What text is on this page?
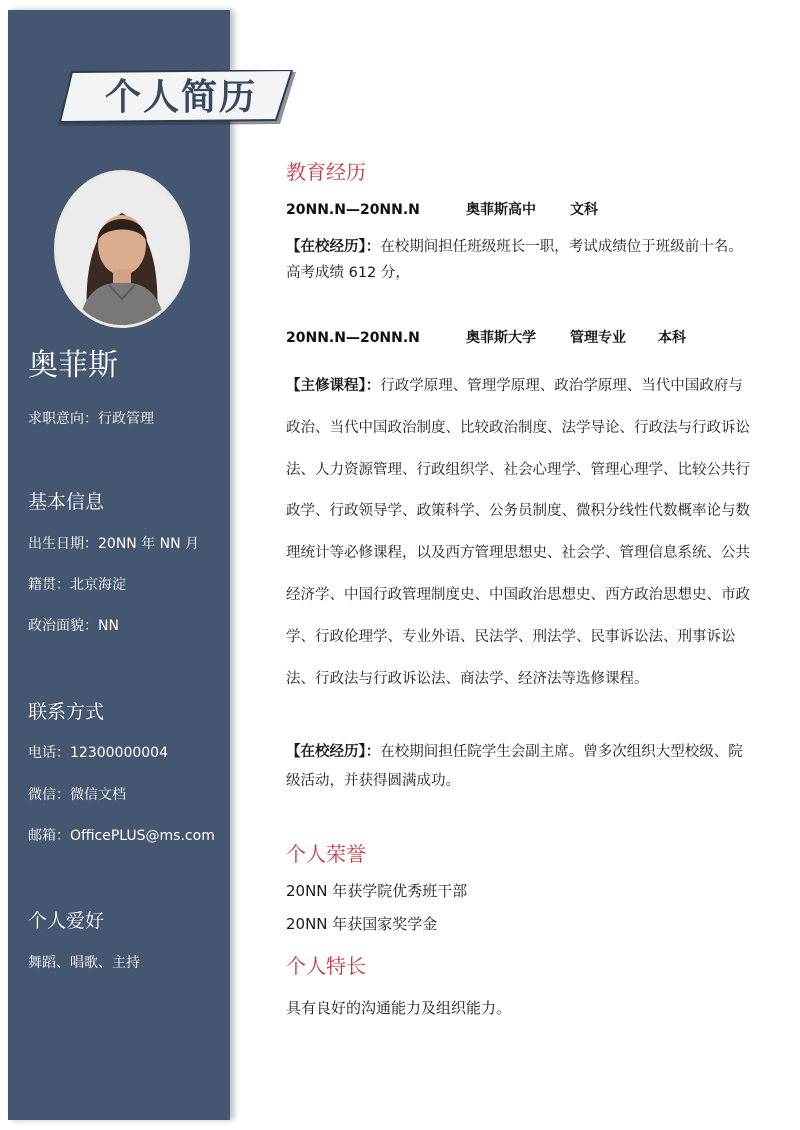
个人简历
奥菲斯
求职意向：行政管理
基本信息
出生日期：20NN 年 NN 月
籍贯：北京海淀
政治面貌：NN
联系方式
电话：12300000004
微信：微信文档
邮箱：OfficePLUS@ms.com
个人爱好
舞蹈、唱歌、主持
教育经历
20NN.N—20NN.N	奥菲斯高中 文科
【在校经历】：在校期间担任班级班长一职，考试成绩位于班级前十名。高考成绩 612 分，
20NN.N—20NN.N	奥菲斯大学 管理专业 本科
【主修课程】：行政学原理、管理学原理、政治学原理、当代中国政府与政治、当代中国政治制度、比较政治制度、法学导论、行政法与行政诉讼法、人力资源管理、行政组织学、社会心理学、管理心理学、比较公共行政学、行政领导学、政策科学、公务员制度、微积分线性代数概率论与数理统计等必修课程，以及西方管理思想史、社会学、管理信息系统、公共经济学、中国行政管理制度史、中国政治思想史、西方政治思想史、市政学、行政伦理学、专业外语、民法学、刑法学、民事诉讼法、刑事诉讼法、行政法与行政诉讼法、商法学、经济法等选修课程。
【在校经历】：在校期间担任院学生会副主席。曾多次组织大型校级、院级活动，并获得圆满成功。
个人荣誉
20NN 年获学院优秀班干部
20NN 年获国家奖学金
个人特长
具有良好的沟通能力及组织能力。
